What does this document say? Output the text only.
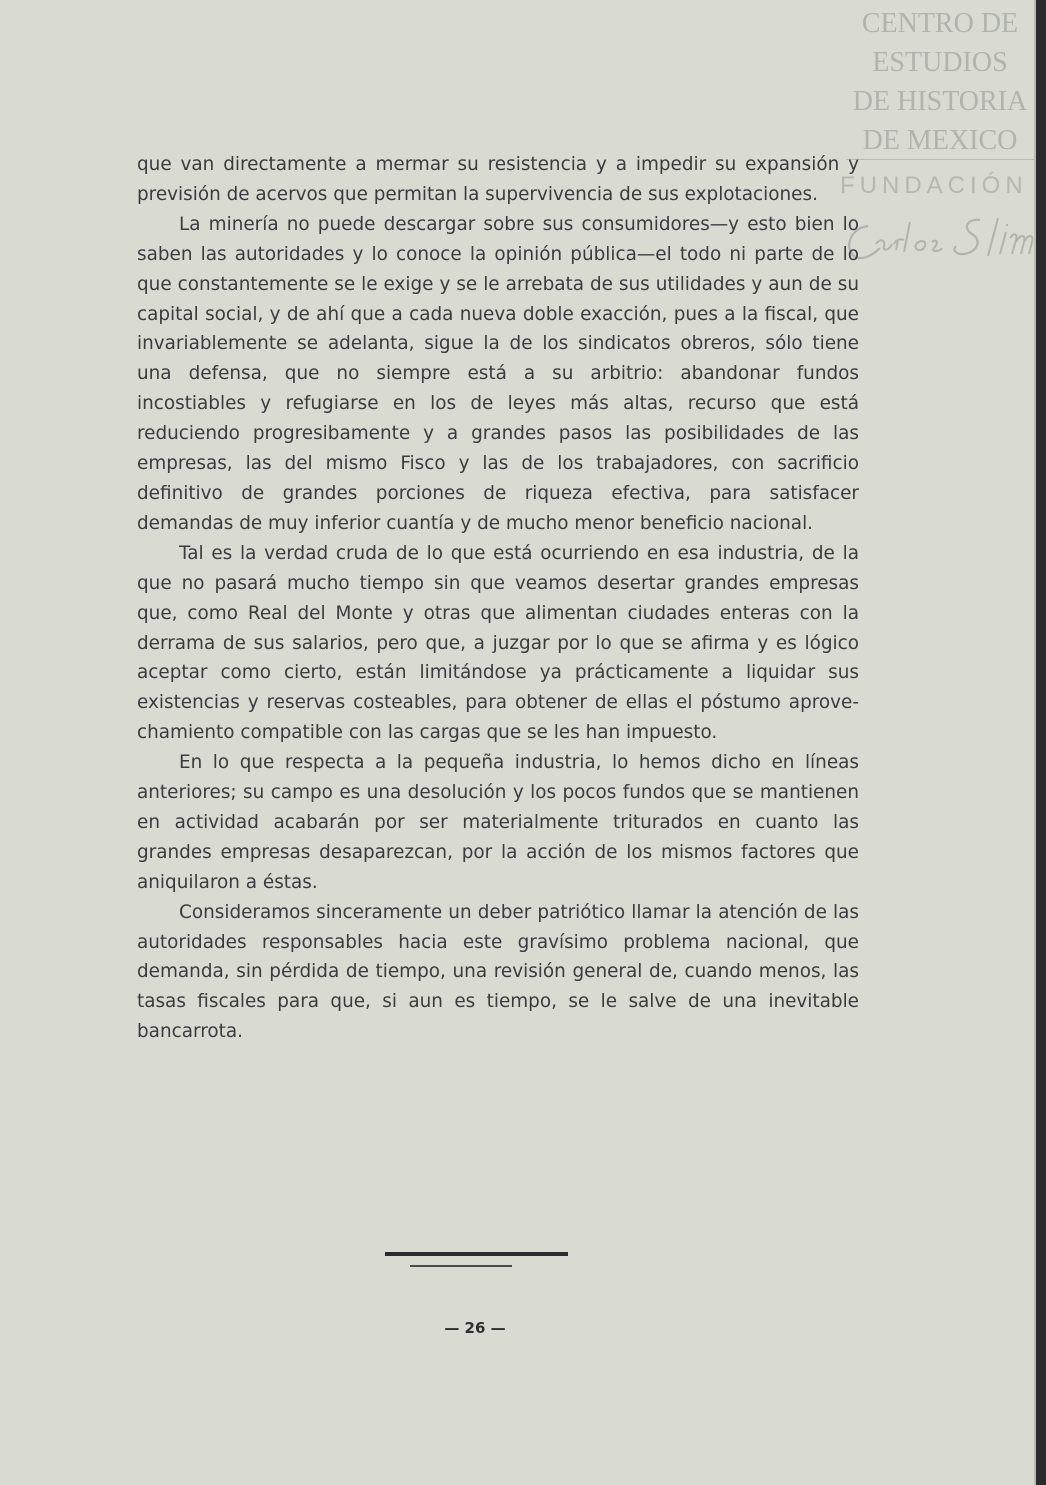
CENTRO DE
ESTUDIOS
DE HISTORIA
DE MEXICO
FUNDACIÓN

que van directamente a mermar su resistencia y a impedir su expansión y previsión de acervos que permitan la supervivencia de sus explotaciones.

La minería no puede descargar sobre sus consumidores—y esto bien lo saben las autoridades y lo conoce la opinión pública—el todo ni parte de lo que constantemente se le exige y se le arrebata de sus utilidades y aun de su capital social, y de ahí que a cada nueva doble exacción, pues a la fiscal, que invariablemente se adelanta, sigue la de los sindicatos obreros, sólo tiene una defensa, que no siempre está a su arbitrio: abandonar fundos incostiables y refugiarse en los de leyes más altas, recurso que está reduciendo progresibamente y a grandes pasos las posibilidades de las empresas, las del mismo Fisco y las de los trabajadores, con sacrificio definitivo de grandes porciones de riqueza efectiva, para satisfacer demandas de muy inferior cuantía y de mucho menor beneficio nacional.

Tal es la verdad cruda de lo que está ocurriendo en esa industria, de la que no pasará mucho tiempo sin que veamos desertar grandes empresas que, como Real del Monte y otras que alimentan ciudades enteras con la derrama de sus salarios, pero que, a juzgar por lo que se afirma y es lógico aceptar como cierto, están limitándose ya prácticamente a liquidar sus existencias y reservas costeables, para obtener de ellas el póstumo aprovechamiento compatible con las cargas que se les han impuesto.

En lo que respecta a la pequeña industria, lo hemos dicho en líneas anteriores; su campo es una desolución y los pocos fundos que se mantienen en actividad acabarán por ser materialmente triturados en cuanto las grandes empresas desaparezcan, por la acción de los mismos factores que aniquilaron a éstas.

Consideramos sinceramente un deber patriótico llamar la atención de las autoridades responsables hacia este gravísimo problema nacional, que demanda, sin pérdida de tiempo, una revisión general de, cuando menos, las tasas fiscales para que, si aun es tiempo, se le salve de una inevitable bancarrota.

— 26 —
